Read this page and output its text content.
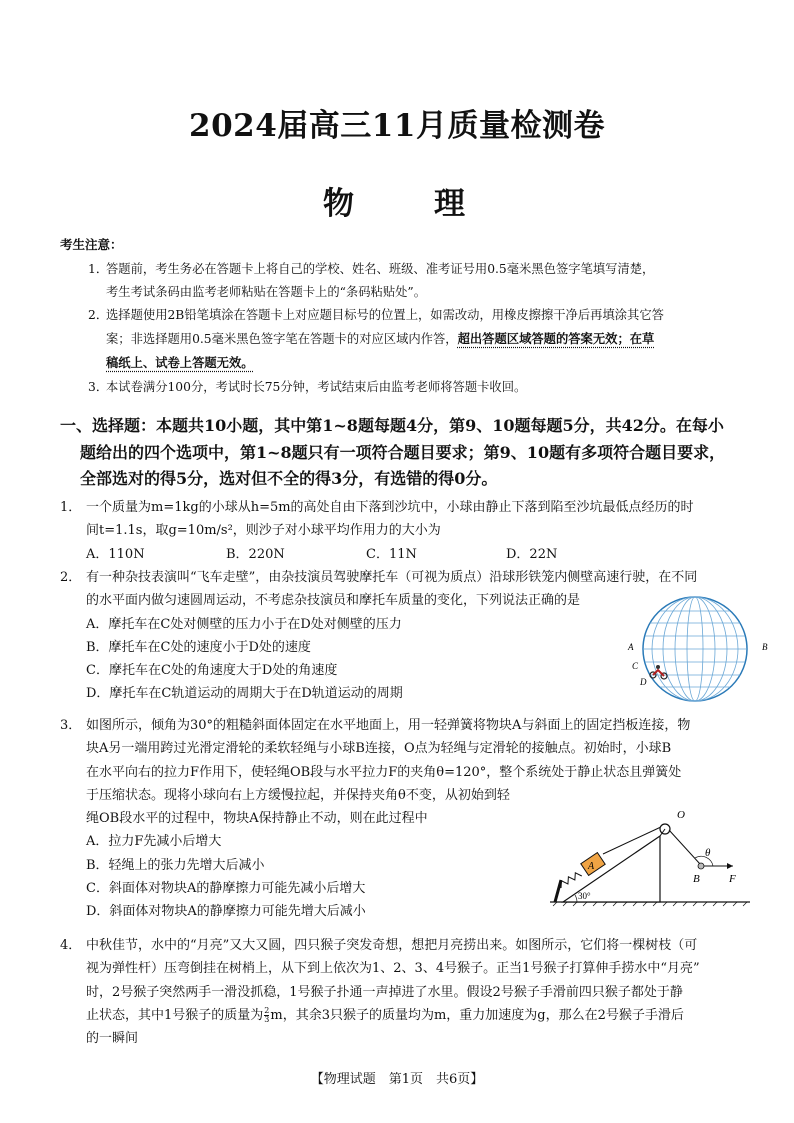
2024届高三11月质量检测卷
物　　理
考生注意：
1．答题前，考生务必在答题卡上将自己的学校、姓名、班级、准考证号用0.5毫米黑色签字笔填写清楚，
考生考试条码由监考老师粘贴在答题卡上的“条码粘贴处”。
2．选择题使用2B铅笔填涂在答题卡上对应题目标号的位置上，如需改动，用橡皮擦擦干净后再填涂其它答
案；非选择题用0.5毫米黑色签字笔在答题卡的对应区域内作答，超出答题区域答题的答案无效；在草
稿纸上、试卷上答题无效。
3．本试卷满分100分，考试时长75分钟，考试结束后由监考老师将答题卡收回。
一、选择题：本题共10小题，其中第1~8题每题4分，第9、10题每题5分，共42分。在每小
题给出的四个选项中，第1~8题只有一项符合题目要求；第9、10题有多项符合题目要求，
全部选对的得5分，选对但不全的得3分，有选错的得0分。
1． 一个质量为m=1kg的小球从h=5m的高处自由下落到沙坑中，小球由静止下落到陷至沙坑最低点经历的时
间t=1.1s，取g=10m/s²，则沙子对小球平均作用力的大小为
A．110N	B．220N	C．11N	D．22N
2． 有一种杂技表演叫“飞车走壁”，由杂技演员驾驶摩托车（可视为质点）沿球形铁笼内侧壁高速行驶，在不同
的水平面内做匀速圆周运动，不考虑杂技演员和摩托车质量的变化，下列说法正确的是
A．摩托车在C处对侧壁的压力小于在D处对侧壁的压力
B．摩托车在C处的速度小于D处的速度
C．摩托车在C处的角速度大于D处的角速度
D．摩托车在C轨道运动的周期大于在D轨道运动的周期
A	B
C
D
3． 如图所示，倾角为30°的粗糙斜面体固定在水平地面上，用一轻弹簧将物块A与斜面上的固定挡板连接，物
块A另一端用跨过光滑定滑轮的柔软轻绳与小球B连接，O点为轻绳与定滑轮的接触点。初始时，小球B
在水平向右的拉力F作用下，使轻绳OB段与水平拉力F的夹角θ=120°，整个系统处于静止状态且弹簧处
于压缩状态。现将小球向右上方缓慢拉起，并保持夹角θ不变，从初始到轻
绳OB段水平的过程中，物块A保持静止不动，则在此过程中
A．拉力F先减小后增大
B．轻绳上的张力先增大后减小
C．斜面体对物块A的静摩擦力可能先减小后增大
D．斜面体对物块A的静摩擦力可能先增大后减小
A
O
θ
B	F
30°
4． 中秋佳节，水中的“月亮”又大又圆，四只猴子突发奇想，想把月亮捞出来。如图所示，它们将一棵树枝（可
视为弹性杆）压弯倒挂在树梢上，从下到上依次为1、2、3、4号猴子。正当1号猴子打算伸手捞水中“月亮”
时，2号猴子突然两手一滑没抓稳，1号猴子扑通一声掉进了水里。假设2号猴子手滑前四只猴子都处于静
止状态，其中1号猴子的质量为 $\frac{2}{3}$ m，其余3只猴子的质量均为m，重力加速度为g，那么在2号猴子手滑后
的一瞬间
【物理试题　第1页　共6页】
